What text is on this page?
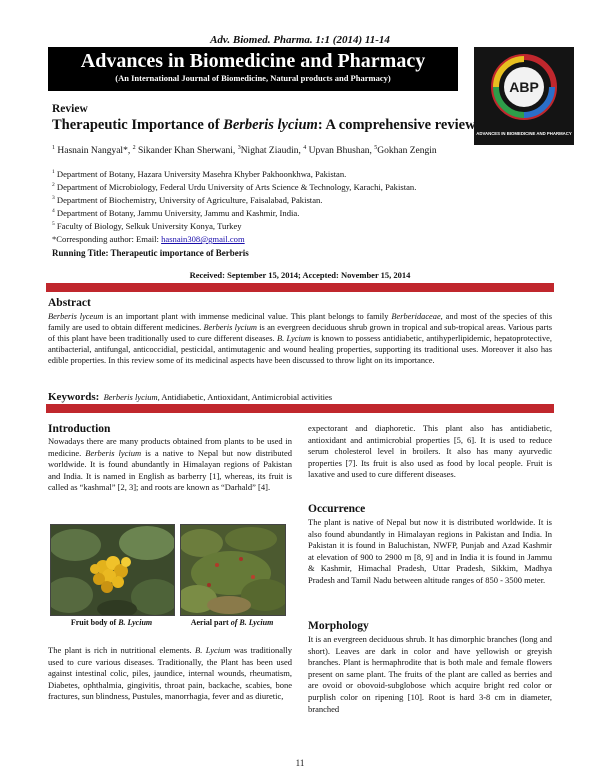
Adv. Biomed. Pharma. 1:1 (2014) 11-14
Advances in Biomedicine and Pharmacy
(An International Journal of Biomedicine, Natural products and Pharmacy)
ABP
ADVANCES IN BIOMEDICINE AND PHARMACY
Review
Therapeutic Importance of Berberis lycium: A comprehensive review
$^1$ Hasnain Nangyal*, $^2$ Sikander Khan Sherwani, $^3$Nighat Ziaudin, $^4$ Upvan Bhushan, $^5$Gokhan Zengin
$^1$ Department of Botany, Hazara University Masehra Khyber Pakhoonkhwa, Pakistan.
$^2$ Department of Microbiology, Federal Urdu University of Arts Science & Technology, Karachi, Pakistan.
$^3$ Department of Biochemistry, University of Agriculture, Faisalabad, Pakistan.
$^4$ Department of Botany, Jammu University, Jammu and Kashmir, India.
$^5$ Faculty of Biology, Selkuk University Konya, Turkey
*Corresponding author: Email: hasnain308@gmail.com
Running Title: Therapeutic importance of Berberis
Received: September 15, 2014; Accepted: November 15, 2014
Abstract
Berberis lyceum is an important plant with immense medicinal value. This plant belongs to family Berberidaceae, and most of the species of this family are used to obtain different medicines. Berberis lycium is an evergreen deciduous shrub grown in tropical and sub-tropical areas. Various parts of this plant have been traditionally used to cure different diseases. B. Lycium is known to possess antidiabetic, antihyperlipidemic, hepatoprotective, antibacterial, antifungal, anticoccidial, pesticidal, antimutagenic and wound healing properties, supporting its traditional uses. Moreover it also has edible properties. In this review some of its medicinal aspects have been discussed to throw light on its importance.
Keywords: Berberis lycium, Antidiabetic, Antioxidant, Antimicrobial activities
Introduction
Nowadays there are many products obtained from plants to be used in medicine. Berberis lycium is a native to Nepal but now distributed worldwide. It is found abundantly in Himalayan regions of Pakistan and India. It is named in English as barberry [1], whereas, its fruit is called as “kashmal” [2, 3]; and roots are known as “Darhald” [4].
Fruit body of B. Lycium	Aerial part of B. Lycium
The plant is rich in nutritional elements. B. Lycium was traditionally used to cure various diseases. Traditionally, the Plant has been used against intestinal colic, piles, jaundice, internal wounds, rheumatism, Diabetes, ophthalmia, gingivitis, throat pain, backache, scabies, bone fractures, sun blindness, Pustules, manorrhagia, fever and as diuretic,
expectorant and diaphoretic. This plant also has antidiabetic, antioxidant and antimicrobial properties [5, 6]. It is used to reduce serum cholesterol level in broilers. It also has many ayurvedic properties [7]. Its fruit is also used as food by local people. Fruit is laxative and used to cure different diseases.
Occurrence
The plant is native of Nepal but now it is distributed worldwide. It is also found abundantly in Himalayan regions in Pakistan and India. In Pakistan it is found in Baluchistan, NWFP, Punjab and Azad Kashmir at elevation of 900 to 2900 m [8, 9] and in India it is found in Jammu & Kashmir, Himachal Pradesh, Uttar Pradesh, Sikkim, Madhya Pradesh and Tamil Nadu between altitude ranges of 850 - 3500 meter.
Morphology
It is an evergreen deciduous shrub. It has dimorphic branches (long and short). Leaves are dark in color and have yellowish or greyish branches. Plant is hermaphrodite that is both male and female flowers present on same plant. The fruits of the plant are called as berries and are ovoid or obovoid-subglobose which acquire bright red color or purplish color on ripening [10]. Root is hard 3-8 cm in diameter, branched
11
